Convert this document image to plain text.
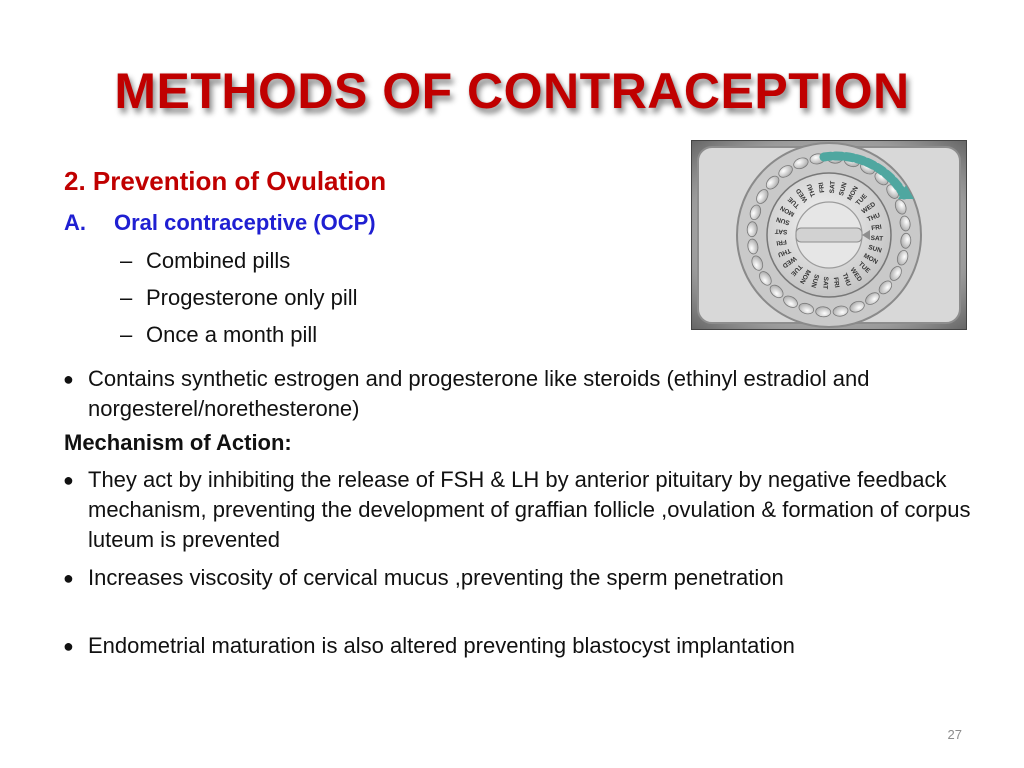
METHODS OF CONTRACEPTION
2. Prevention of Ovulation
A. Oral contraceptive (OCP)
– Combined pills
– Progesterone only pill
– Once a month pill
● Contains synthetic estrogen and progesterone like steroids (ethinyl estradiol and norgesterel/norethesterone)
Mechanism of Action:
● They act by inhibiting the release of FSH & LH by anterior pituitary by negative feedback mechanism, preventing the development of graffian follicle ,ovulation & formation of corpus luteum is prevented
● Increases viscosity of cervical mucus ,preventing the sperm penetration
● Endometrial maturation is also altered preventing blastocyst implantation
MON
TUE
WED
THU
FRI
SAT
SUN
MON
TUE
WED
THU
FRI
SAT
SUN
MON
TUE
WED
THU
FRI
SAT
SUN
MON
TUE
WED
THU FRI SAT SUN
27
